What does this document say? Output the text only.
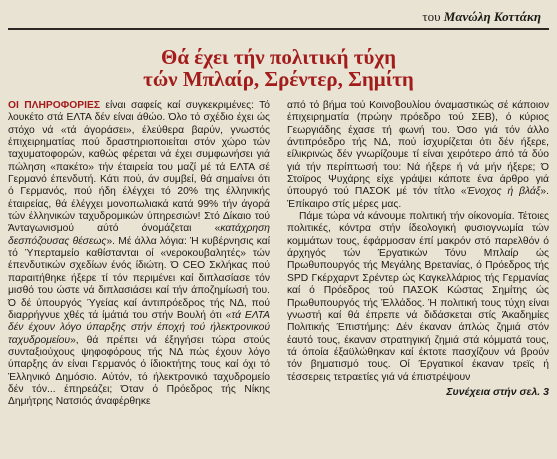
του Μανώλη Κοττάκη
Θά έχει τήν πολιτική τύχη
τών Μπλαίρ, Σρέντερ, Σημίτη

ΟΙ ΠΛΗΡΟΦΟΡΙΕΣ είναι σαφείς καί συγκεκριμένες: Τό λουκέτο στά ΕΛΤΑ δέν είναι άθώο. Όλο τό σχέδιο έχει ώς στόχο νά «τά άγοράσει», έλεύθερα βαρύν, γνωστός έπιχειρηματίας πού δραστηριοποιείται στόν χώρο τών ταχυματοφορών, καθώς φέρεται νά έχει συμφωνήσει γιά πώληση «πακέτο» τήν έταιρεία του μαζί μέ τά ΕΛΤΑ σέ Γερμανό έπενδυτή. Κάτι πού, άν συμβεί, θά σημαίνει ότι ό Γερμανός, πού ήδη έλέγχει τό 20% της έλληνικής έταιρείας, θά έλέγχει μονοπωλιακά κατά 99% τήν άγορά τών έλληνικών ταχυδρομικών ύπηρεσιών! Στό Δίκαιο τού Άνταγωνισμού αύτό όνομάζεται «κατάχρηση δεσπόζουσας θέσεως». Μέ άλλα λόγια: Ή κυβέρνησις καί τό Ύπερταμείο καθίστανται οί «νεροκουβαλητές» τών έπενδυτικών σχεδίων ένός ίδιώτη. Ό CEO Σκλήκας πού παραιτήθηκε ήξερε τί τόν περιμένει καί διπλασίασε τόν μισθό του ώστε νά διπλασιάσει καί τήν άποζημίωσή του. Ό δέ ύπουργός Ύγείας καί άντιπρόεδρος τής ΝΔ, πού διαρρήγνυε χθές τά ίμάτιά του στήν Βουλή ότι «τά ΕΛΤΑ δέν έχουν λόγο ύπαρξης στήν έποχή τού ήλεκτρονικού ταχυδρομείου», θά πρέπει νά έξηγήσει τώρα στούς συνταξιούχους ψηφοφόρους τής ΝΔ πώς έχουν λόγο ύπαρξης άν είναι Γερμανός ό ίδιοκτήτης τους καί όχι τό Έλληνικό Δημόσιο. Αύτόν, τό ήλεκτρονικό ταχυδρομείο δέν τόν... έπηρεάζει; Όταν ό Πρόεδρος τής Νίκης Δημήτρης Νατσιός άναφέρθηκε

από τό βήμα τού Κοινοβουλίου όναμαστικώς σέ κάποιον έπιχειρηματία (πρώην πρόεδρο τού ΣΕΒ), ό κύριος Γεωργιάδης έχασε τή φωνή του. Όσο γιά τόν άλλο άντιπρόεδρο τής ΝΔ, πού ίσχυρίζεται ότι δέν ήξερε, είλικρινώς δέν γνωρίζουμε τί είναι χειρότερο άπό τά δύο γιά τήν περίπτωσή του: Νά ήξερε ή νά μήν ήξερε; Ό Στοϊρος Ψυχάρης είχε γράψει κάποτε ένα άρθρο γιά ύπουργό τού ΠΑΣΟΚ μέ τόν τίτλο «Ένοχος ή βλάξ». Έπίκαιρο στίς μέρες μας.

Πάμε τώρα νά κάνουμε πολιτική τήν οίκονομία. Τέτοιες πολιτικές, κόντρα στήν ίδεολογική φυσιογνωμία τών κομμάτων τους, έφάρμοσαν έπί μακρόν στό παρελθόν ό άρχηγός τών Έργατικών Τόνυ Μπλαίρ ώς Πρωθυπουργός τής Μεγάλης Βρετανίας, ό Πρόεδρος τής SPD Γκέρχαρντ Σρέντερ ώς Καγκελλάριος τής Γερμανίας καί ό Πρόεδρος τού ΠΑΣΟΚ Κώστας Σημίτης ώς Πρωθυπουργός τής Έλλάδος. Ή πολιτική τους τύχη είναι γνωστή καί θά έπρεπε νά διδάσκεται στίς Άκαδημίες Πολιτικής Έπιστήμης: Δέν έκαναν άπλώς ζημιά στόν έαυτό τους, έκαναν στρατηγική ζημιά στά κόμματά τους, τά όποία έξαϋλώθηκαν καί έκτοτε πασχίζουν νά βρούν τόν βηματισμό τους. Οί Έργατικοί έκαναν τρεϊς ή τέσσερεις τετραετίες γιά νά έπιστρέψουν

Συνέχεια στήν σελ. 3
